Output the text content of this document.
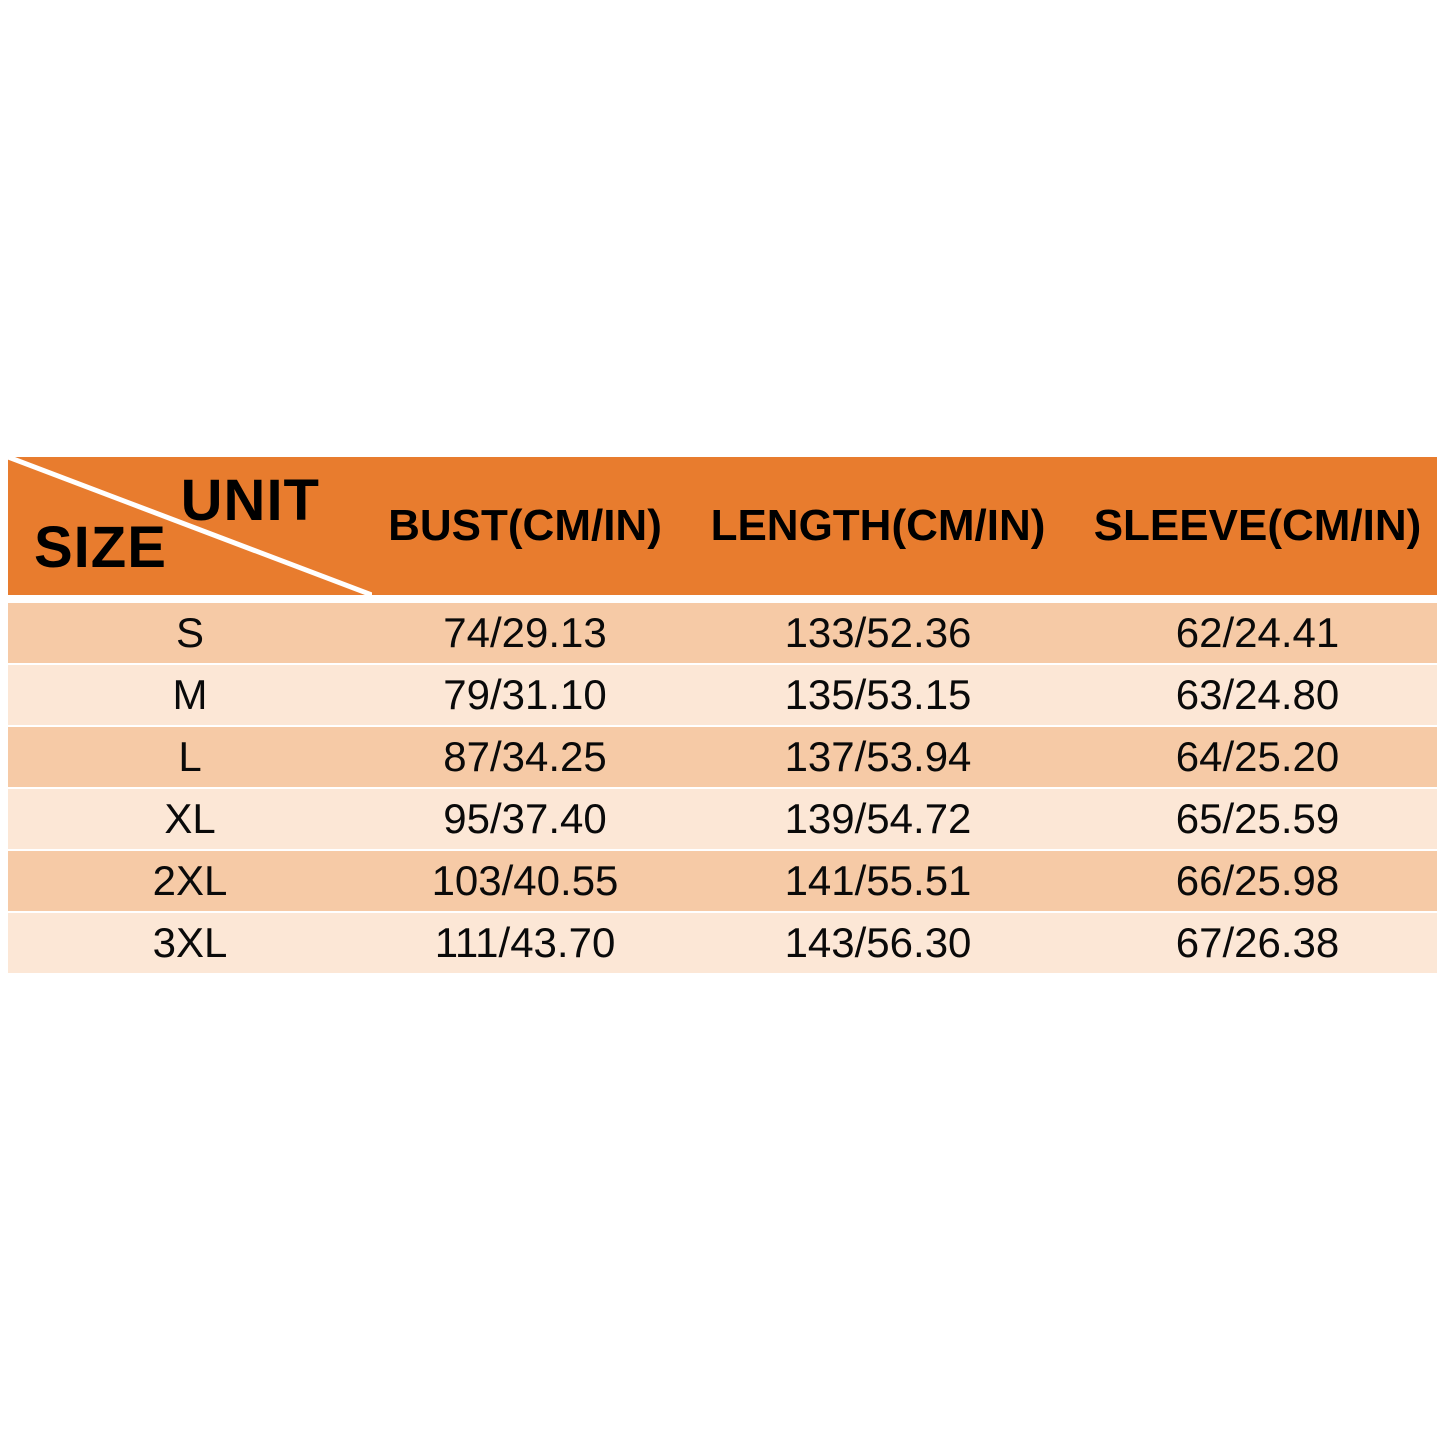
UNIT
SIZE	BUST(CM/IN)	LENGTH(CM/IN)	SLEEVE(CM/IN)
S	74/29.13	133/52.36	62/24.41
M	79/31.10	135/53.15	63/24.80
L	87/34.25	137/53.94	64/25.20
XL	95/37.40	139/54.72	65/25.59
2XL	103/40.55	141/55.51	66/25.98
3XL	111/43.70	143/56.30	67/26.38
